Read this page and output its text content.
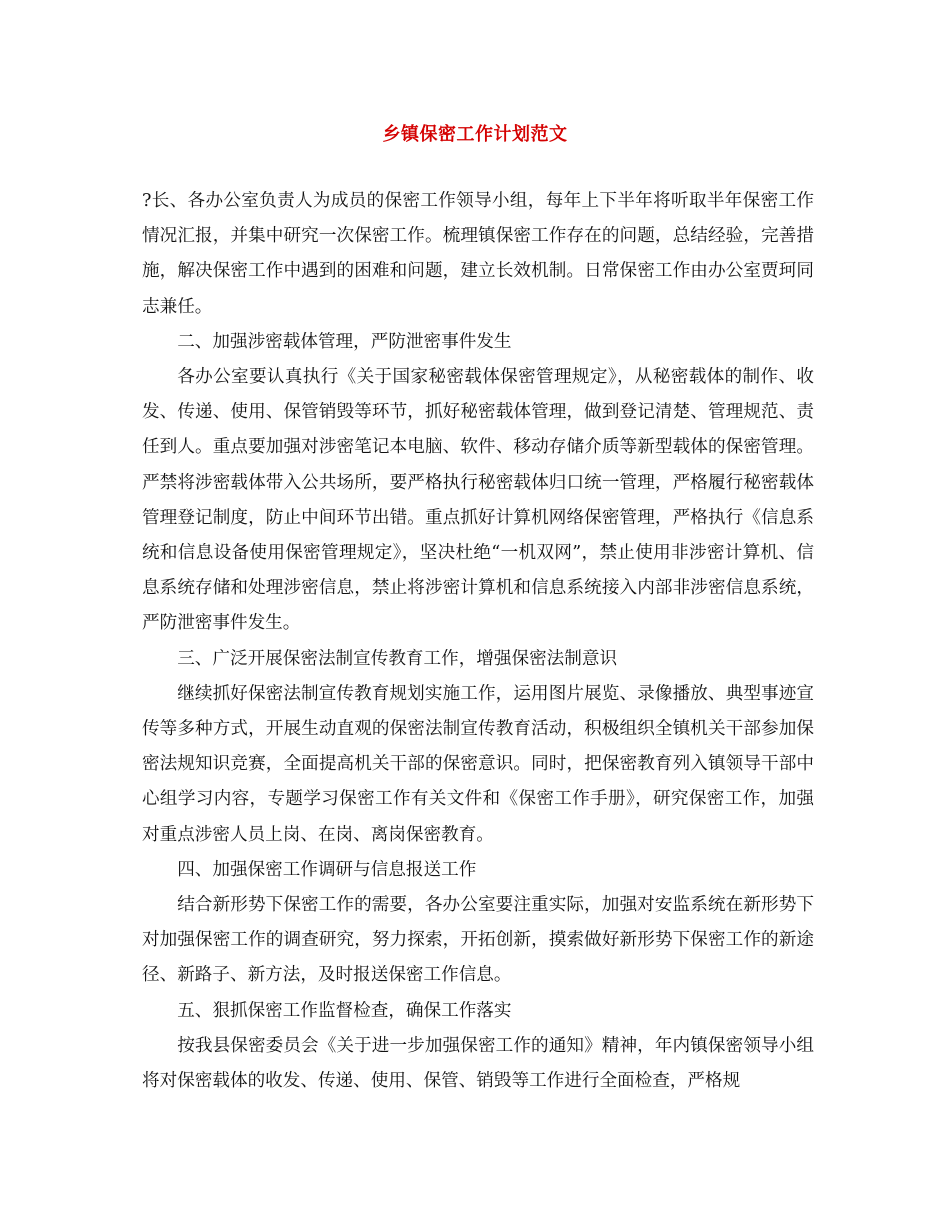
乡镇保密工作计划范文

?长、各办公室负责人为成员的保密工作领导小组，每年上下半年将听取半年保密工作情况汇报，并集中研究一次保密工作。梳理镇保密工作存在的问题，总结经验，完善措施，解决保密工作中遇到的困难和问题，建立长效机制。日常保密工作由办公室贾珂同志兼任。

二、加强涉密载体管理，严防泄密事件发生

各办公室要认真执行《关于国家秘密载体保密管理规定》，从秘密载体的制作、收发、传递、使用、保管销毁等环节，抓好秘密载体管理，做到登记清楚、管理规范、责任到人。重点要加强对涉密笔记本电脑、软件、移动存储介质等新型载体的保密管理。严禁将涉密载体带入公共场所，要严格执行秘密载体归口统一管理，严格履行秘密载体管理登记制度，防止中间环节出错。重点抓好计算机网络保密管理，严格执行《信息系统和信息设备使用保密管理规定》，坚决杜绝“一机双网”，禁止使用非涉密计算机、信息系统存储和处理涉密信息，禁止将涉密计算机和信息系统接入内部非涉密信息系统，严防泄密事件发生。

三、广泛开展保密法制宣传教育工作，增强保密法制意识

继续抓好保密法制宣传教育规划实施工作，运用图片展览、录像播放、典型事迹宣传等多种方式，开展生动直观的保密法制宣传教育活动，积极组织全镇机关干部参加保密法规知识竞赛，全面提高机关干部的保密意识。同时，把保密教育列入镇领导干部中心组学习内容，专题学习保密工作有关文件和《保密工作手册》，研究保密工作，加强对重点涉密人员上岗、在岗、离岗保密教育。

四、加强保密工作调研与信息报送工作

结合新形势下保密工作的需要，各办公室要注重实际，加强对安监系统在新形势下对加强保密工作的调查研究，努力探索，开拓创新，摸索做好新形势下保密工作的新途径、新路子、新方法，及时报送保密工作信息。

五、狠抓保密工作监督检查，确保工作落实

按我县保密委员会《关于进一步加强保密工作的通知》精神，年内镇保密领导小组将对保密载体的收发、传递、使用、保管、销毁等工作进行全面检查，严格规
